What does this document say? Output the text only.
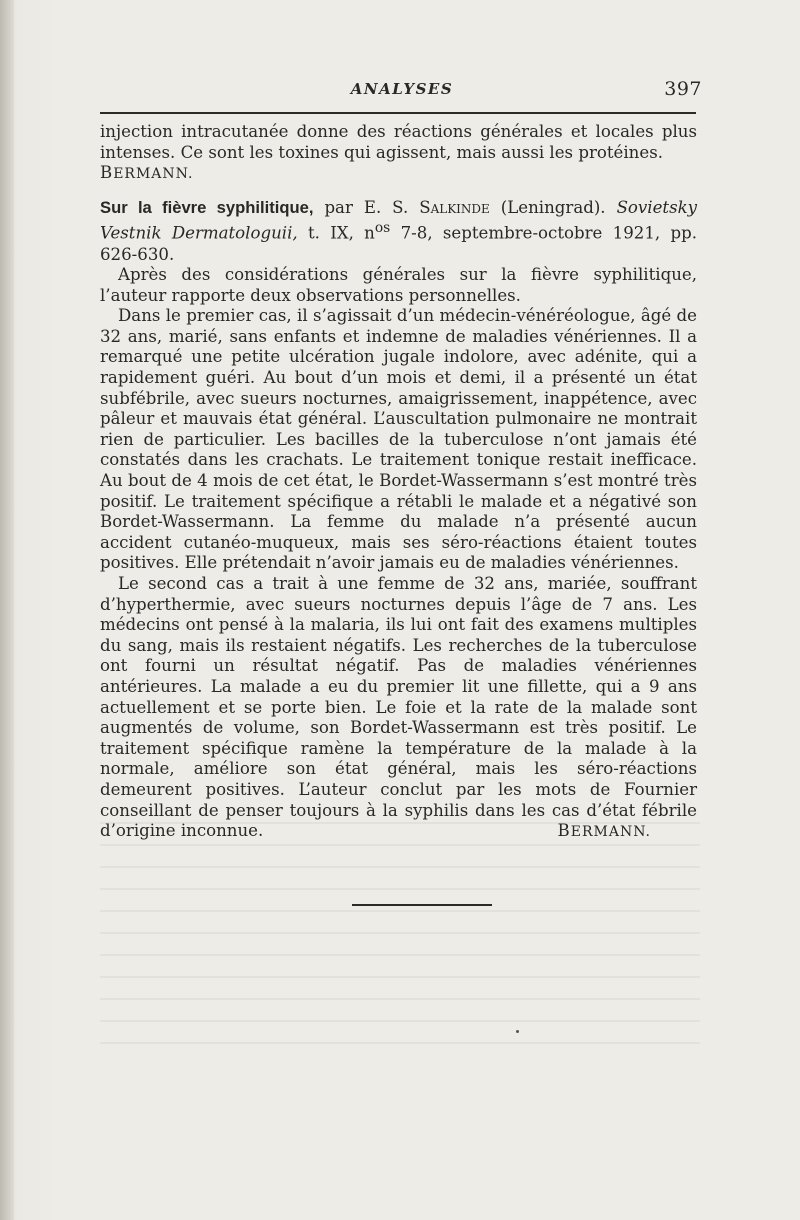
ANALYSES	397

injection intracutanée donne des réactions générales et locales plus intenses. Ce sont les toxines qui agissent, mais aussi les protéines.

BERMANN.

Sur la fièvre syphilitique, par E. S. Salkinde (Leningrad). Sovietsky Vestnik Dermatologuii, t. IX, $n^{os}$ 7-8, septembre-octobre 1921, pp. 626-630.

Après des considérations générales sur la fièvre syphilitique, l’auteur rapporte deux observations personnelles.

Dans le premier cas, il s’agissait d’un médecin-vénéréologue, âgé de 32 ans, marié, sans enfants et indemne de maladies vénériennes. Il a remarqué une petite ulcération jugale indolore, avec adénite, qui a rapidement guéri. Au bout d’un mois et demi, il a présenté un état subfébrile, avec sueurs nocturnes, amaigrissement, inappétence, avec pâleur et mauvais état général. L’auscultation pulmonaire ne montrait rien de particulier. Les bacilles de la tuberculose n’ont jamais été constatés dans les crachats. Le traitement tonique restait inefficace. Au bout de 4 mois de cet état, le Bordet-Wassermann s’est montré très positif. Le traitement spécifique a rétabli le malade et a négativé son Bordet-Wassermann. La femme du malade n’a présenté aucun accident cutanéo-muqueux, mais ses séro-réactions étaient toutes positives. Elle prétendait n’avoir jamais eu de maladies vénériennes.

Le second cas a trait à une femme de 32 ans, mariée, souffrant d’hyperthermie, avec sueurs nocturnes depuis l’âge de 7 ans. Les médecins ont pensé à la malaria, ils lui ont fait des examens multiples du sang, mais ils restaient négatifs. Les recherches de la tuberculose ont fourni un résultat négatif. Pas de maladies vénériennes antérieures. La malade a eu du premier lit une fillette, qui a 9 ans actuellement et se porte bien. Le foie et la rate de la malade sont augmentés de volume, son Bordet-Wassermann est très positif. Le traitement spécifique ramène la température de la malade à la normale, améliore son état général, mais les séro-réactions demeurent positives. L’auteur conclut par les mots de Fournier conseillant de penser toujours à la syphilis dans les cas d’état fébrile d’origine inconnue.	BERMANN.
